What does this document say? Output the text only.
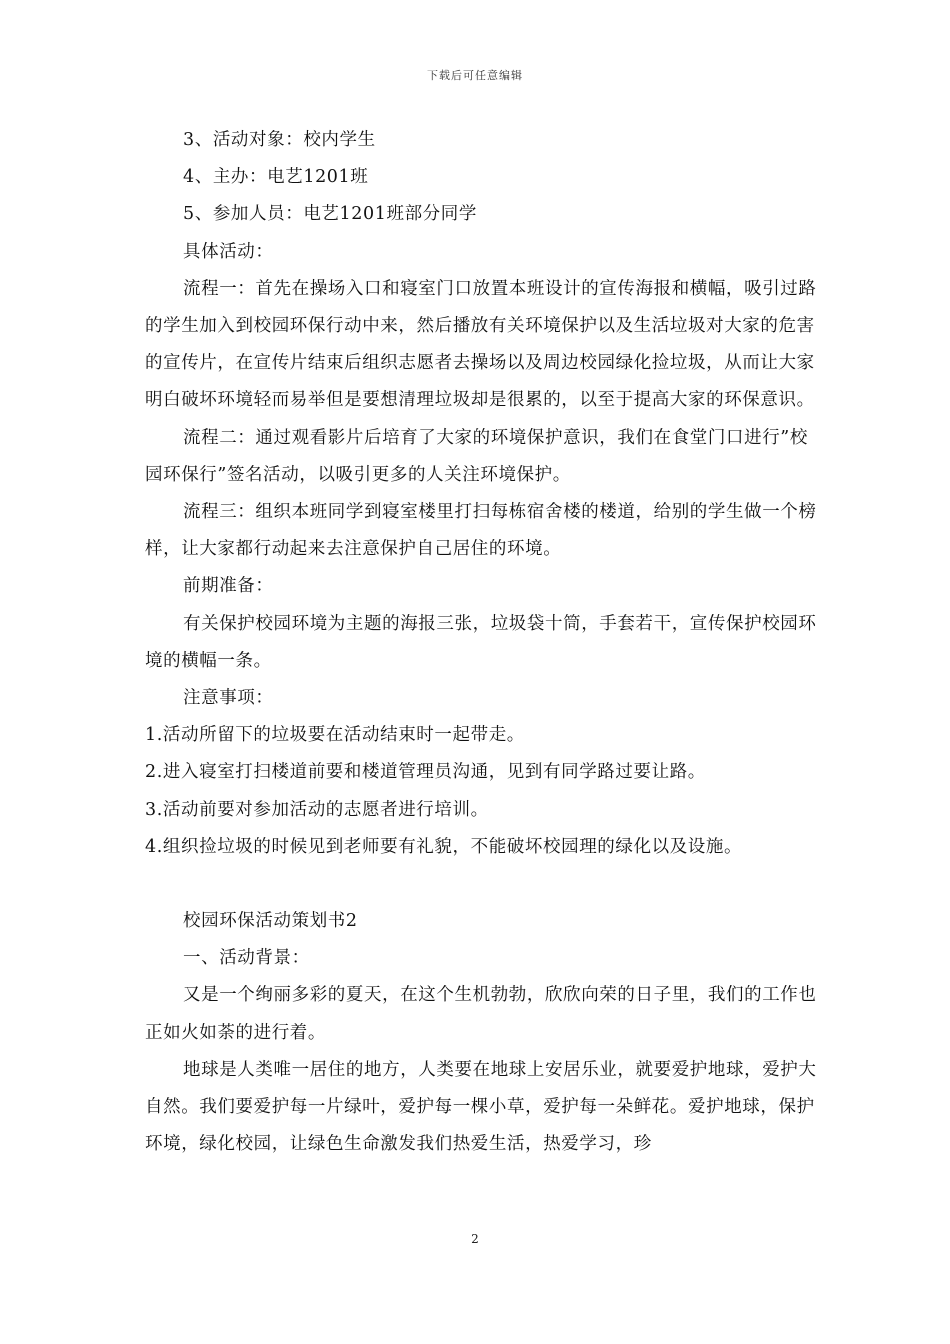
下载后可任意编辑

3、活动对象：校内学生

4、主办：电艺1201班

5、参加人员：电艺1201班部分同学

具体活动：

流程一：首先在操场入口和寝室门口放置本班设计的宣传海报和横幅，吸引过路的学生加入到校园环保行动中来，然后播放有关环境保护以及生活垃圾对大家的危害的宣传片，在宣传片结束后组织志愿者去操场以及周边校园绿化捡垃圾，从而让大家明白破坏环境轻而易举但是要想清理垃圾却是很累的，以至于提高大家的环保意识。

流程二：通过观看影片后培育了大家的环境保护意识，我们在食堂门口进行”校园环保行”签名活动，以吸引更多的人关注环境保护。

流程三：组织本班同学到寝室楼里打扫每栋宿舍楼的楼道，给别的学生做一个榜样，让大家都行动起来去注意保护自己居住的环境。

前期准备：

有关保护校园环境为主题的海报三张，垃圾袋十筒，手套若干，宣传保护校园环境的横幅一条。

注意事项：

1.活动所留下的垃圾要在活动结束时一起带走。

2.进入寝室打扫楼道前要和楼道管理员沟通，见到有同学路过要让路。

3.活动前要对参加活动的志愿者进行培训。

4.组织捡垃圾的时候见到老师要有礼貌，不能破坏校园理的绿化以及设施。

校园环保活动策划书2

一、活动背景：

又是一个绚丽多彩的夏天，在这个生机勃勃，欣欣向荣的日子里，我们的工作也正如火如荼的进行着。

地球是人类唯一居住的地方，人类要在地球上安居乐业，就要爱护地球，爱护大自然。我们要爱护每一片绿叶，爱护每一棵小草，爱护每一朵鲜花。爱护地球，保护环境，绿化校园，让绿色生命激发我们热爱生活，热爱学习，珍

2
